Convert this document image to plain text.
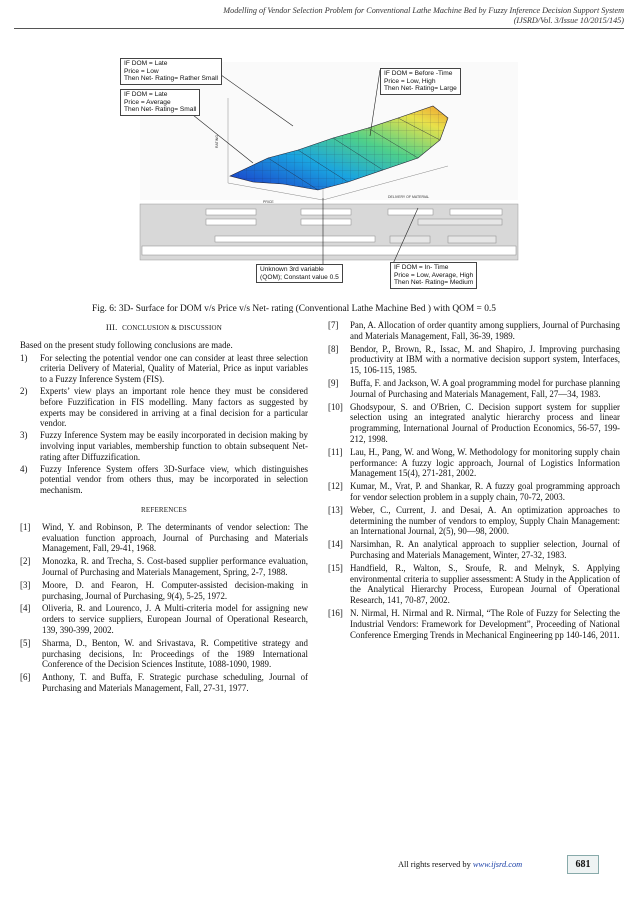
Modelling of Vendor Selection Problem for Conventional Lathe Machine Bed by Fuzzy Inference Decision Support System
(IJSRD/Vol. 3/Issue 10/2015/145)
RATING
PRICE
DELIVERY OF MATERIAL
IF DOM = Late
Price = Low
Then Net- Rating= Rather Small
IF DOM = Late
Price = Average
Then Net- Rating= Small
IF DOM = Before -Time
Price = Low, High
Then Net- Rating= Large
Unknown 3rd variable
(QOM); Constant value 0.5
IF DOM = In- Time
Price = Low, Average, High
Then Net- Rating= Medium
Fig. 6: 3D- Surface for DOM v/s Price v/s Net- rating (Conventional Lathe Machine Bed ) with QOM = 0.5
III. CONCLUSION & DISCUSSION
Based on the present study following conclusions are made.
1)	For selecting the potential vendor one can consider at least three selection criteria Delivery of Material, Quality of Material, Price as input variables to a Fuzzy Inference System (FIS).
2)	Experts’ view plays an important role hence they must be considered before Fuzzification in FIS modelling. Many factors as suggested by experts may be considered in arriving at a final decision for a particular vendor.
3)	Fuzzy Inference System may be easily incorporated in decision making by involving input variables, membership function to obtain subsequent Net-rating after Diffuzzification.
4)	Fuzzy Inference System offers 3D-Surface view, which distinguishes potential vendor from others thus, may be incorporated in selection mechanism.
REFERENCES
[1]	Wind, Y. and Robinson, P. The determinants of vendor selection: The evaluation function approach, Journal of Purchasing and Materials Management, Fall, 29-41, 1968.
[2]	Monozka, R. and Trecha, S. Cost-based supplier performance evaluation, Journal of Purchasing and Materials Management, Spring, 2-7, 1988.
[3]	Moore, D. and Fearon, H. Computer-assisted decision-making in purchasing, Journal of Purchasing, 9(4), 5-25, 1972.
[4]	Oliveria, R. and Lourenco, J. A Multi-criteria model for assigning new orders to service suppliers, European Journal of Operational Research, 139, 390-399, 2002.
[5]	Sharma, D., Benton, W. and Srivastava, R. Competitive strategy and purchasing decisions, In: Proceedings of the 1989 International Conference of the Decision Sciences Institute, 1088-1090, 1989.
[6]	Anthony, T. and Buffa, F. Strategic purchase scheduling, Journal of Purchasing and Materials Management, Fall, 27-31, 1977.
[7]	Pan, A. Allocation of order quantity among suppliers, Journal of Purchasing and Materials Management, Fall, 36-39, 1989.
[8]	Bendor, P., Brown, R., Issac, M. and Shapiro, J. Improving purchasing productivity at IBM with a normative decision support system, Interfaces, 15, 106-115, 1985.
[9]	Buffa, F. and Jackson, W. A goal programming model for purchase planning Journal of Purchasing and Materials Management, Fall, 27—34, 1983.
[10] Ghodsypour, S. and O'Brien, C. Decision support system for supplier selection using an integrated analytic hierarchy process and linear programming, International Journal of Production Economics, 56-57, 199-212, 1998.
[11] Lau, H., Pang, W. and Wong, W. Methodology for monitoring supply chain performance: A fuzzy logic approach, Journal of Logistics Information Management 15(4), 271-281, 2002.
[12] Kumar, M., Vrat, P. and Shankar, R. A fuzzy goal programming approach for vendor selection problem in a supply chain, 70-72, 2003.
[13] Weber, C., Current, J. and Desai, A. An optimization approaches to determining the number of vendors to employ, Supply Chain Management: an International Journal, 2(5), 90—98, 2000.
[14] Narsimhan, R. An analytical approach to supplier selection, Journal of Purchasing and Materials Management, Winter, 27-32, 1983.
[15] Handfield, R., Walton, S., Sroufe, R. and Melnyk, S. Applying environmental criteria to supplier assessment: A Study in the Application of the Analytical Hierarchy Process, European Journal of Operational Research, 141, 70-87, 2002.
[16] N. Nirmal, H. Nirmal and R. Nirmal, “The Role of Fuzzy for Selecting the Industrial Vendors: Framework for Development”, Proceeding of National Conference Emerging Trends in Mechanical Engineering pp 140-146, 2011.
All rights reserved by www.ijsrd.com	681
